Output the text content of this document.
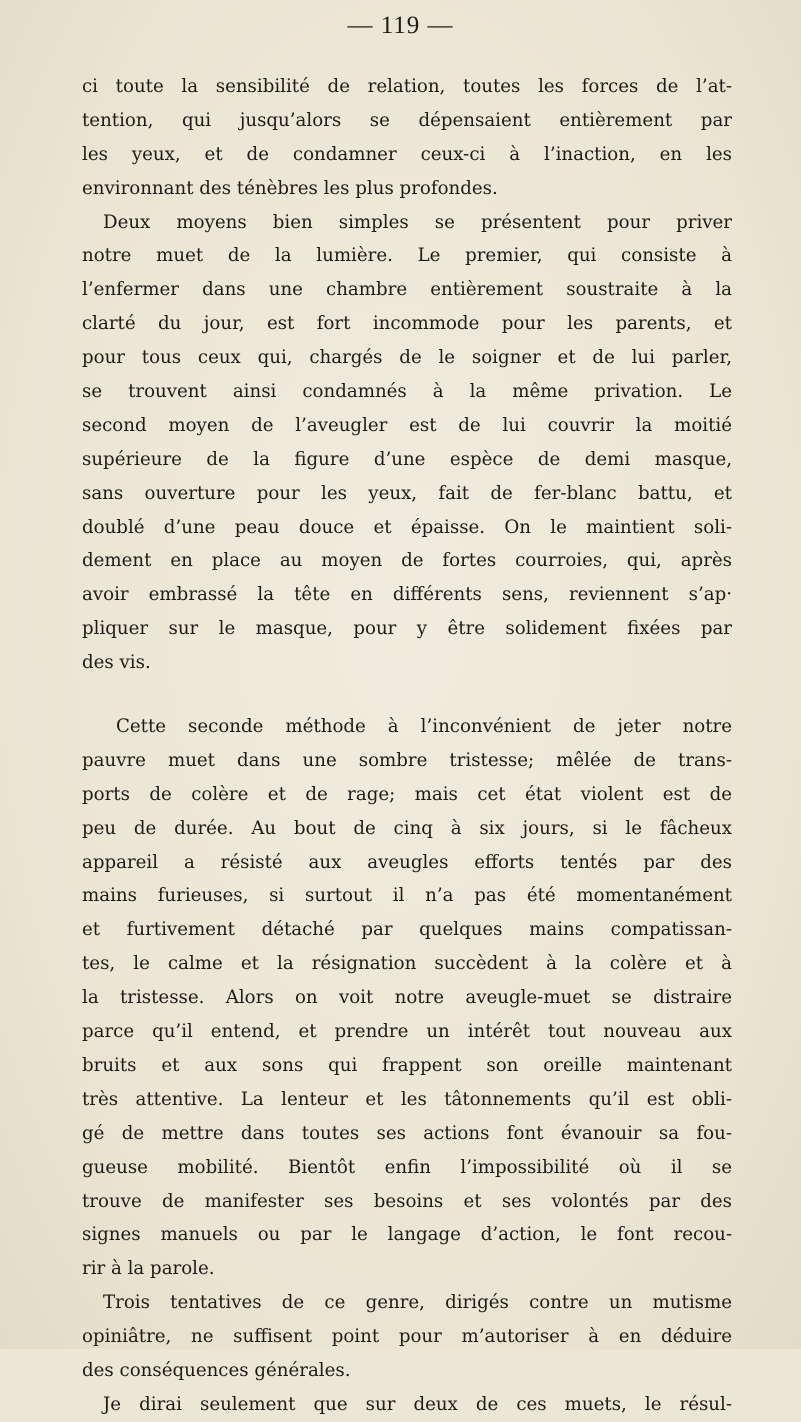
— 119 —
ci toute la sensibilité de relation, toutes les forces de l’at-
tention, qui jusqu’alors se dépensaient entièrement par
les yeux, et de condamner ceux-ci à l’inaction, en les
environnant des ténèbres les plus profondes.
Deux moyens bien simples se présentent pour priver
notre muet de la lumière. Le premier, qui consiste à
l’enfermer dans une chambre entièrement soustraite à la
clarté du jour, est fort incommode pour les parents, et
pour tous ceux qui, chargés de le soigner et de lui parler,
se trouvent ainsi condamnés à la même privation. Le
second moyen de l’aveugler est de lui couvrir la moitié
supérieure de la figure d’une espèce de demi masque,
sans ouverture pour les yeux, fait de fer-blanc battu, et
doublé d’une peau douce et épaisse. On le maintient soli-
dement en place au moyen de fortes courroies, qui, après
avoir embrassé la tête en différents sens, reviennent s’ap·
pliquer sur le masque, pour y être solidement fixées par
des vis.
Cette seconde méthode à l’inconvénient de jeter notre
pauvre muet dans une sombre tristesse; mêlée de trans-
ports de colère et de rage; mais cet état violent est de
peu de durée. Au bout de cinq à six jours, si le fâcheux
appareil a résisté aux aveugles efforts tentés par des
mains furieuses, si surtout il n’a pas été momentanément
et furtivement détaché par quelques mains compatissan-
tes, le calme et la résignation succèdent à la colère et à
la tristesse. Alors on voit notre aveugle-muet se distraire
parce qu’il entend, et prendre un intérêt tout nouveau aux
bruits et aux sons qui frappent son oreille maintenant
très attentive. La lenteur et les tâtonnements qu’il est obli-
gé de mettre dans toutes ses actions font évanouir sa fou-
gueuse mobilité. Bientôt enfin l’impossibilité où il se
trouve de manifester ses besoins et ses volontés par des
signes manuels ou par le langage d’action, le font recou-
rir à la parole.
Trois tentatives de ce genre, dirigés contre un mutisme
opiniâtre, ne suffisent point pour m’autoriser à en déduire
des conséquences générales.
Je dirai seulement que sur deux de ces muets, le résul-
